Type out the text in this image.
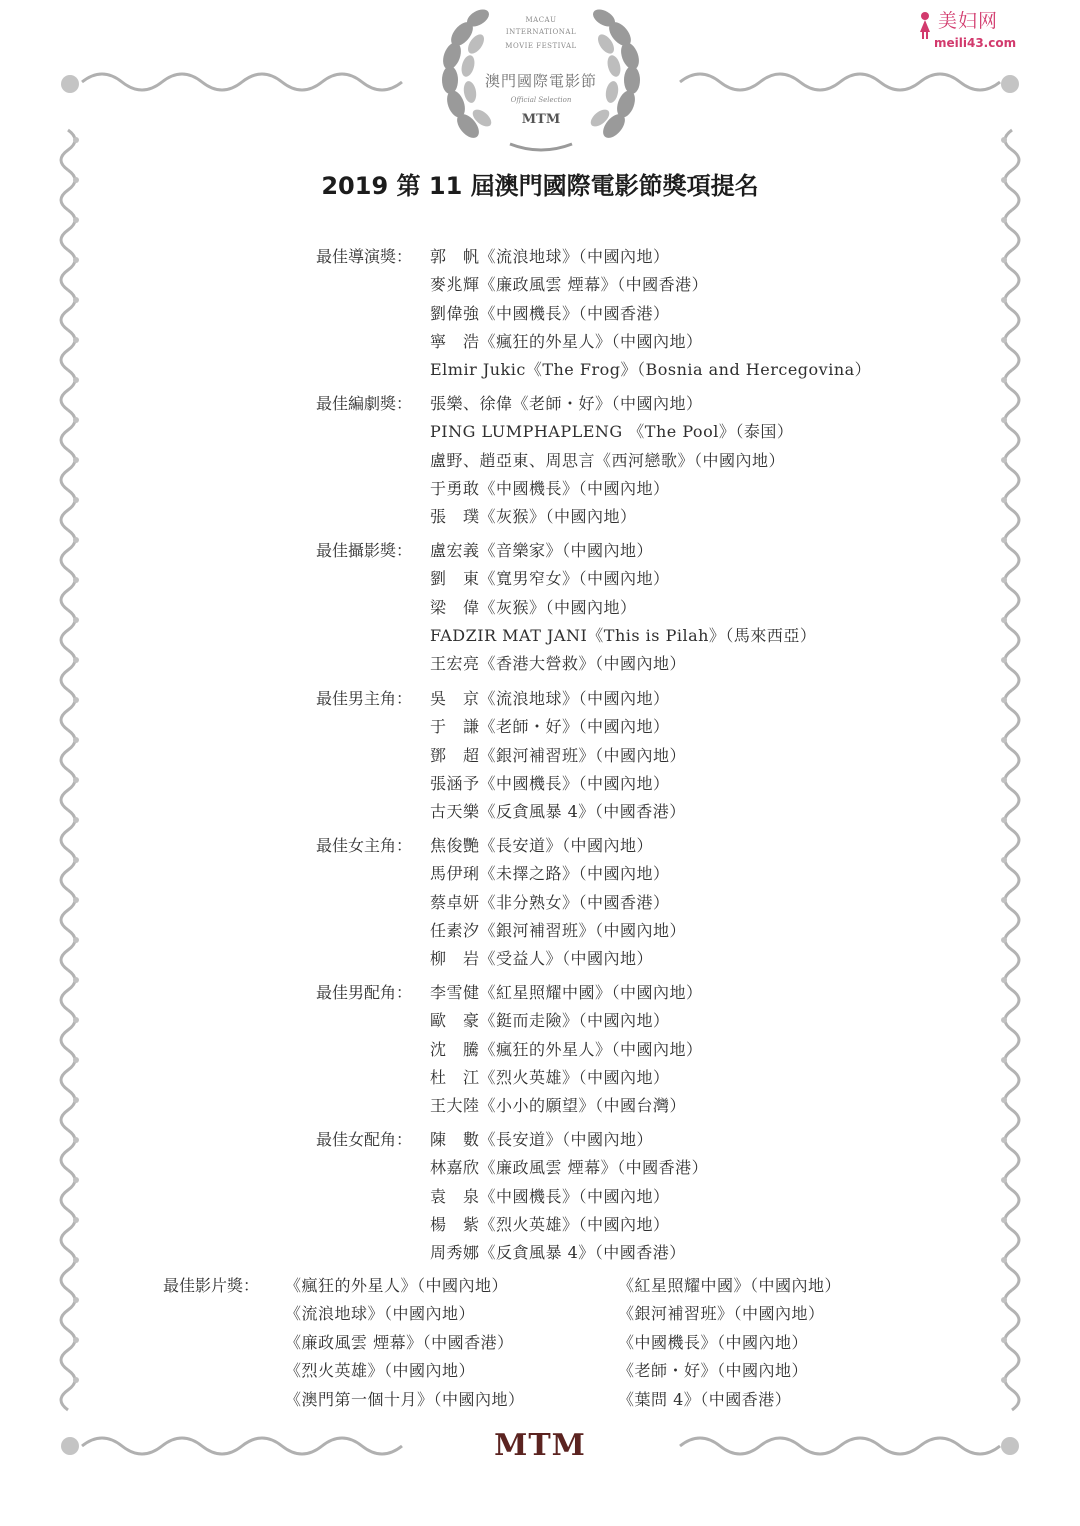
MACAU
INTERNATIONAL
MOVIE FESTIVAL
澳門國際電影節
Official Selection
MTM
美妇网
meili43.com
2019 第 11 屆澳門國際電影節獎項提名
最佳導演獎： 郭　帆《流浪地球》（中國內地）
麥兆輝《廉政風雲 煙幕》（中國香港）
劉偉強《中國機長》（中國香港）
寧　浩《瘋狂的外星人》（中國內地）
Elmir Jukic《The Frog》（Bosnia and Hercegovina）
最佳編劇獎： 張樂、徐偉《老師・好》（中國內地）
PING LUMPHAPLENG 《The Pool》（泰国）
盧野、趙亞東、周思言《西河戀歌》（中國內地）
于勇敢《中國機長》（中國內地）
張　璞《灰猴》（中國內地）
最佳攝影獎： 盧宏義《音樂家》（中國內地）
劉　東《寬男窄女》（中國內地）
梁　偉《灰猴》（中國內地）
FADZIR MAT JANI《This is Pilah》（馬來西亞）
王宏亮《香港大營救》（中國內地）
最佳男主角： 吳　京《流浪地球》（中國內地）
于　謙《老師・好》（中國內地）
鄧　超《銀河補習班》（中國內地）
張涵予《中國機長》（中國內地）
古天樂《反貪風暴 4》（中國香港）
最佳女主角： 焦俊艷《長安道》（中國內地）
馬伊琍《未擇之路》（中國內地）
蔡卓妍《非分熟女》（中國香港）
任素汐《銀河補習班》（中國內地）
柳　岩《受益人》（中國內地）
最佳男配角： 李雪健《紅星照耀中國》（中國內地）
歐　豪《鋌而走險》（中國內地）
沈　騰《瘋狂的外星人》（中國內地）
杜　江《烈火英雄》（中國內地）
王大陸《小小的願望》（中國台灣）
最佳女配角： 陳　數《長安道》（中國內地）
林嘉欣《廉政風雲 煙幕》（中國香港）
袁　泉《中國機長》（中國內地）
楊　紫《烈火英雄》（中國內地）
周秀娜《反貪風暴 4》（中國香港）
最佳影片獎： 《瘋狂的外星人》（中國內地）
《流浪地球》（中國內地）
《廉政風雲 煙幕》（中國香港）
《烈火英雄》（中國內地）
《澳門第一個十月》（中國內地）
《紅星照耀中國》（中國內地）
《銀河補習班》（中國內地）
《中國機長》（中國內地）
《老師・好》（中國內地）
《葉問 4》（中國香港）
MTM
